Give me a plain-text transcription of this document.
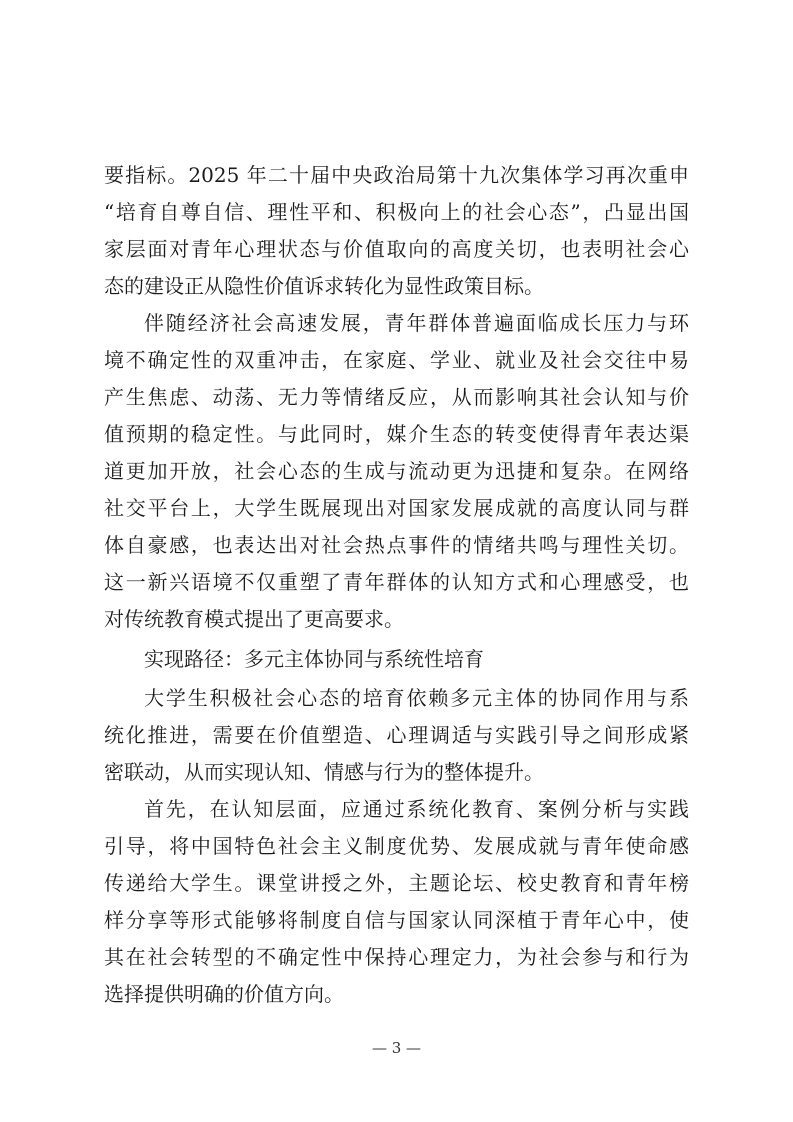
要指标。2025 年二十届中央政治局第十九次集体学习再次重申
“培育自尊自信、理性平和、积极向上的社会心态”，凸显出国
家层面对青年心理状态与价值取向的高度关切，也表明社会心
态的建设正从隐性价值诉求转化为显性政策目标。
伴随经济社会高速发展，青年群体普遍面临成长压力与环
境不确定性的双重冲击，在家庭、学业、就业及社会交往中易
产生焦虑、动荡、无力等情绪反应，从而影响其社会认知与价
值预期的稳定性。与此同时，媒介生态的转变使得青年表达渠
道更加开放，社会心态的生成与流动更为迅捷和复杂。在网络
社交平台上，大学生既展现出对国家发展成就的高度认同与群
体自豪感，也表达出对社会热点事件的情绪共鸣与理性关切。
这一新兴语境不仅重塑了青年群体的认知方式和心理感受，也
对传统教育模式提出了更高要求。
实现路径：多元主体协同与系统性培育
大学生积极社会心态的培育依赖多元主体的协同作用与系
统化推进，需要在价值塑造、心理调适与实践引导之间形成紧
密联动，从而实现认知、情感与行为的整体提升。
首先，在认知层面，应通过系统化教育、案例分析与实践
引导，将中国特色社会主义制度优势、发展成就与青年使命感
传递给大学生。课堂讲授之外，主题论坛、校史教育和青年榜
样分享等形式能够将制度自信与国家认同深植于青年心中，使
其在社会转型的不确定性中保持心理定力，为社会参与和行为
选择提供明确的价值方向。
— 3 —
